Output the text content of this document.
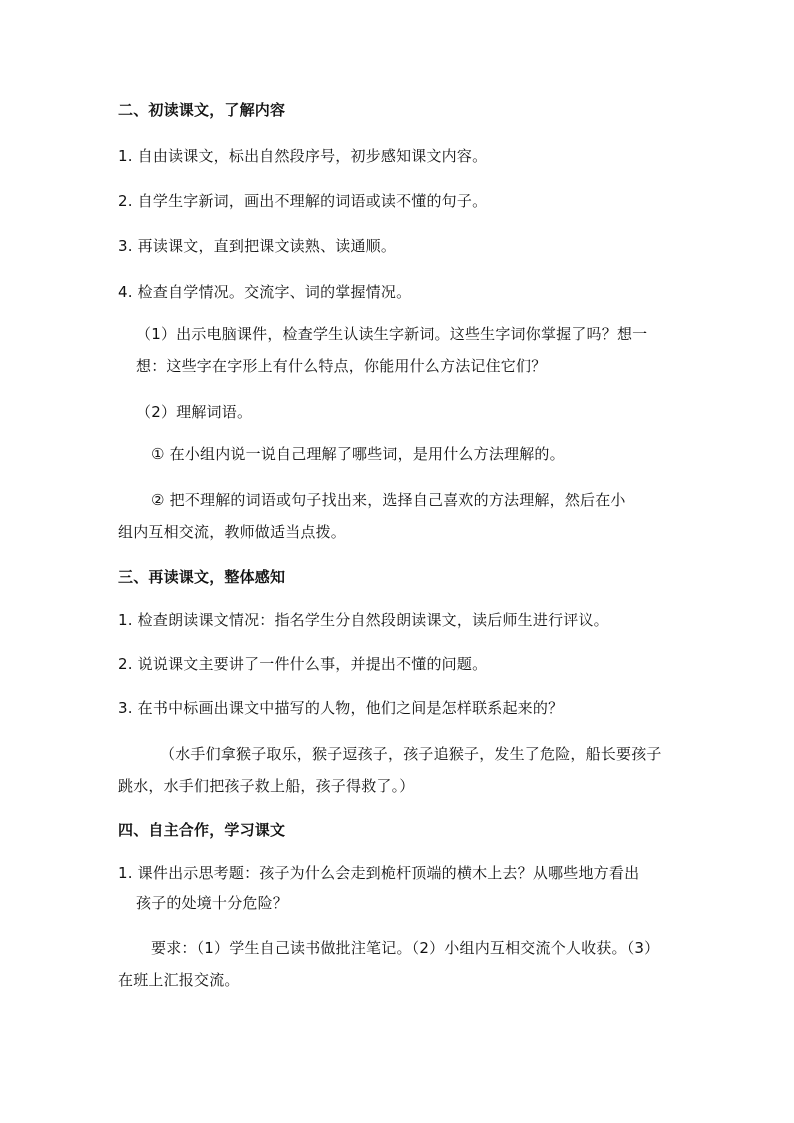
二、初读课文，了解内容
1. 自由读课文，标出自然段序号，初步感知课文内容。
2. 自学生字新词，画出不理解的词语或读不懂的句子。
3. 再读课文，直到把课文读熟、读通顺。
4. 检查自学情况。交流字、词的掌握情况。
（1）出示电脑课件，检查学生认读生字新词。这些生字词你掌握了吗？想一
想：这些字在字形上有什么特点，你能用什么方法记住它们？
（2）理解词语。
① 在小组内说一说自己理解了哪些词，是用什么方法理解的。
② 把不理解的词语或句子找出来，选择自己喜欢的方法理解，然后在小
组内互相交流，教师做适当点拨。
三、再读课文，整体感知
1. 检查朗读课文情况：指名学生分自然段朗读课文，读后师生进行评议。
2. 说说课文主要讲了一件什么事，并提出不懂的问题。
3. 在书中标画出课文中描写的人物，他们之间是怎样联系起来的？
（水手们拿猴子取乐，猴子逗孩子，孩子追猴子，发生了危险，船长要孩子
跳水，水手们把孩子救上船，孩子得救了。）
四、自主合作，学习课文
1. 课件出示思考题：孩子为什么会走到桅杆顶端的横木上去？从哪些地方看出
孩子的处境十分危险？
要求：（1）学生自己读书做批注笔记。（2）小组内互相交流个人收获。（3）
在班上汇报交流。
